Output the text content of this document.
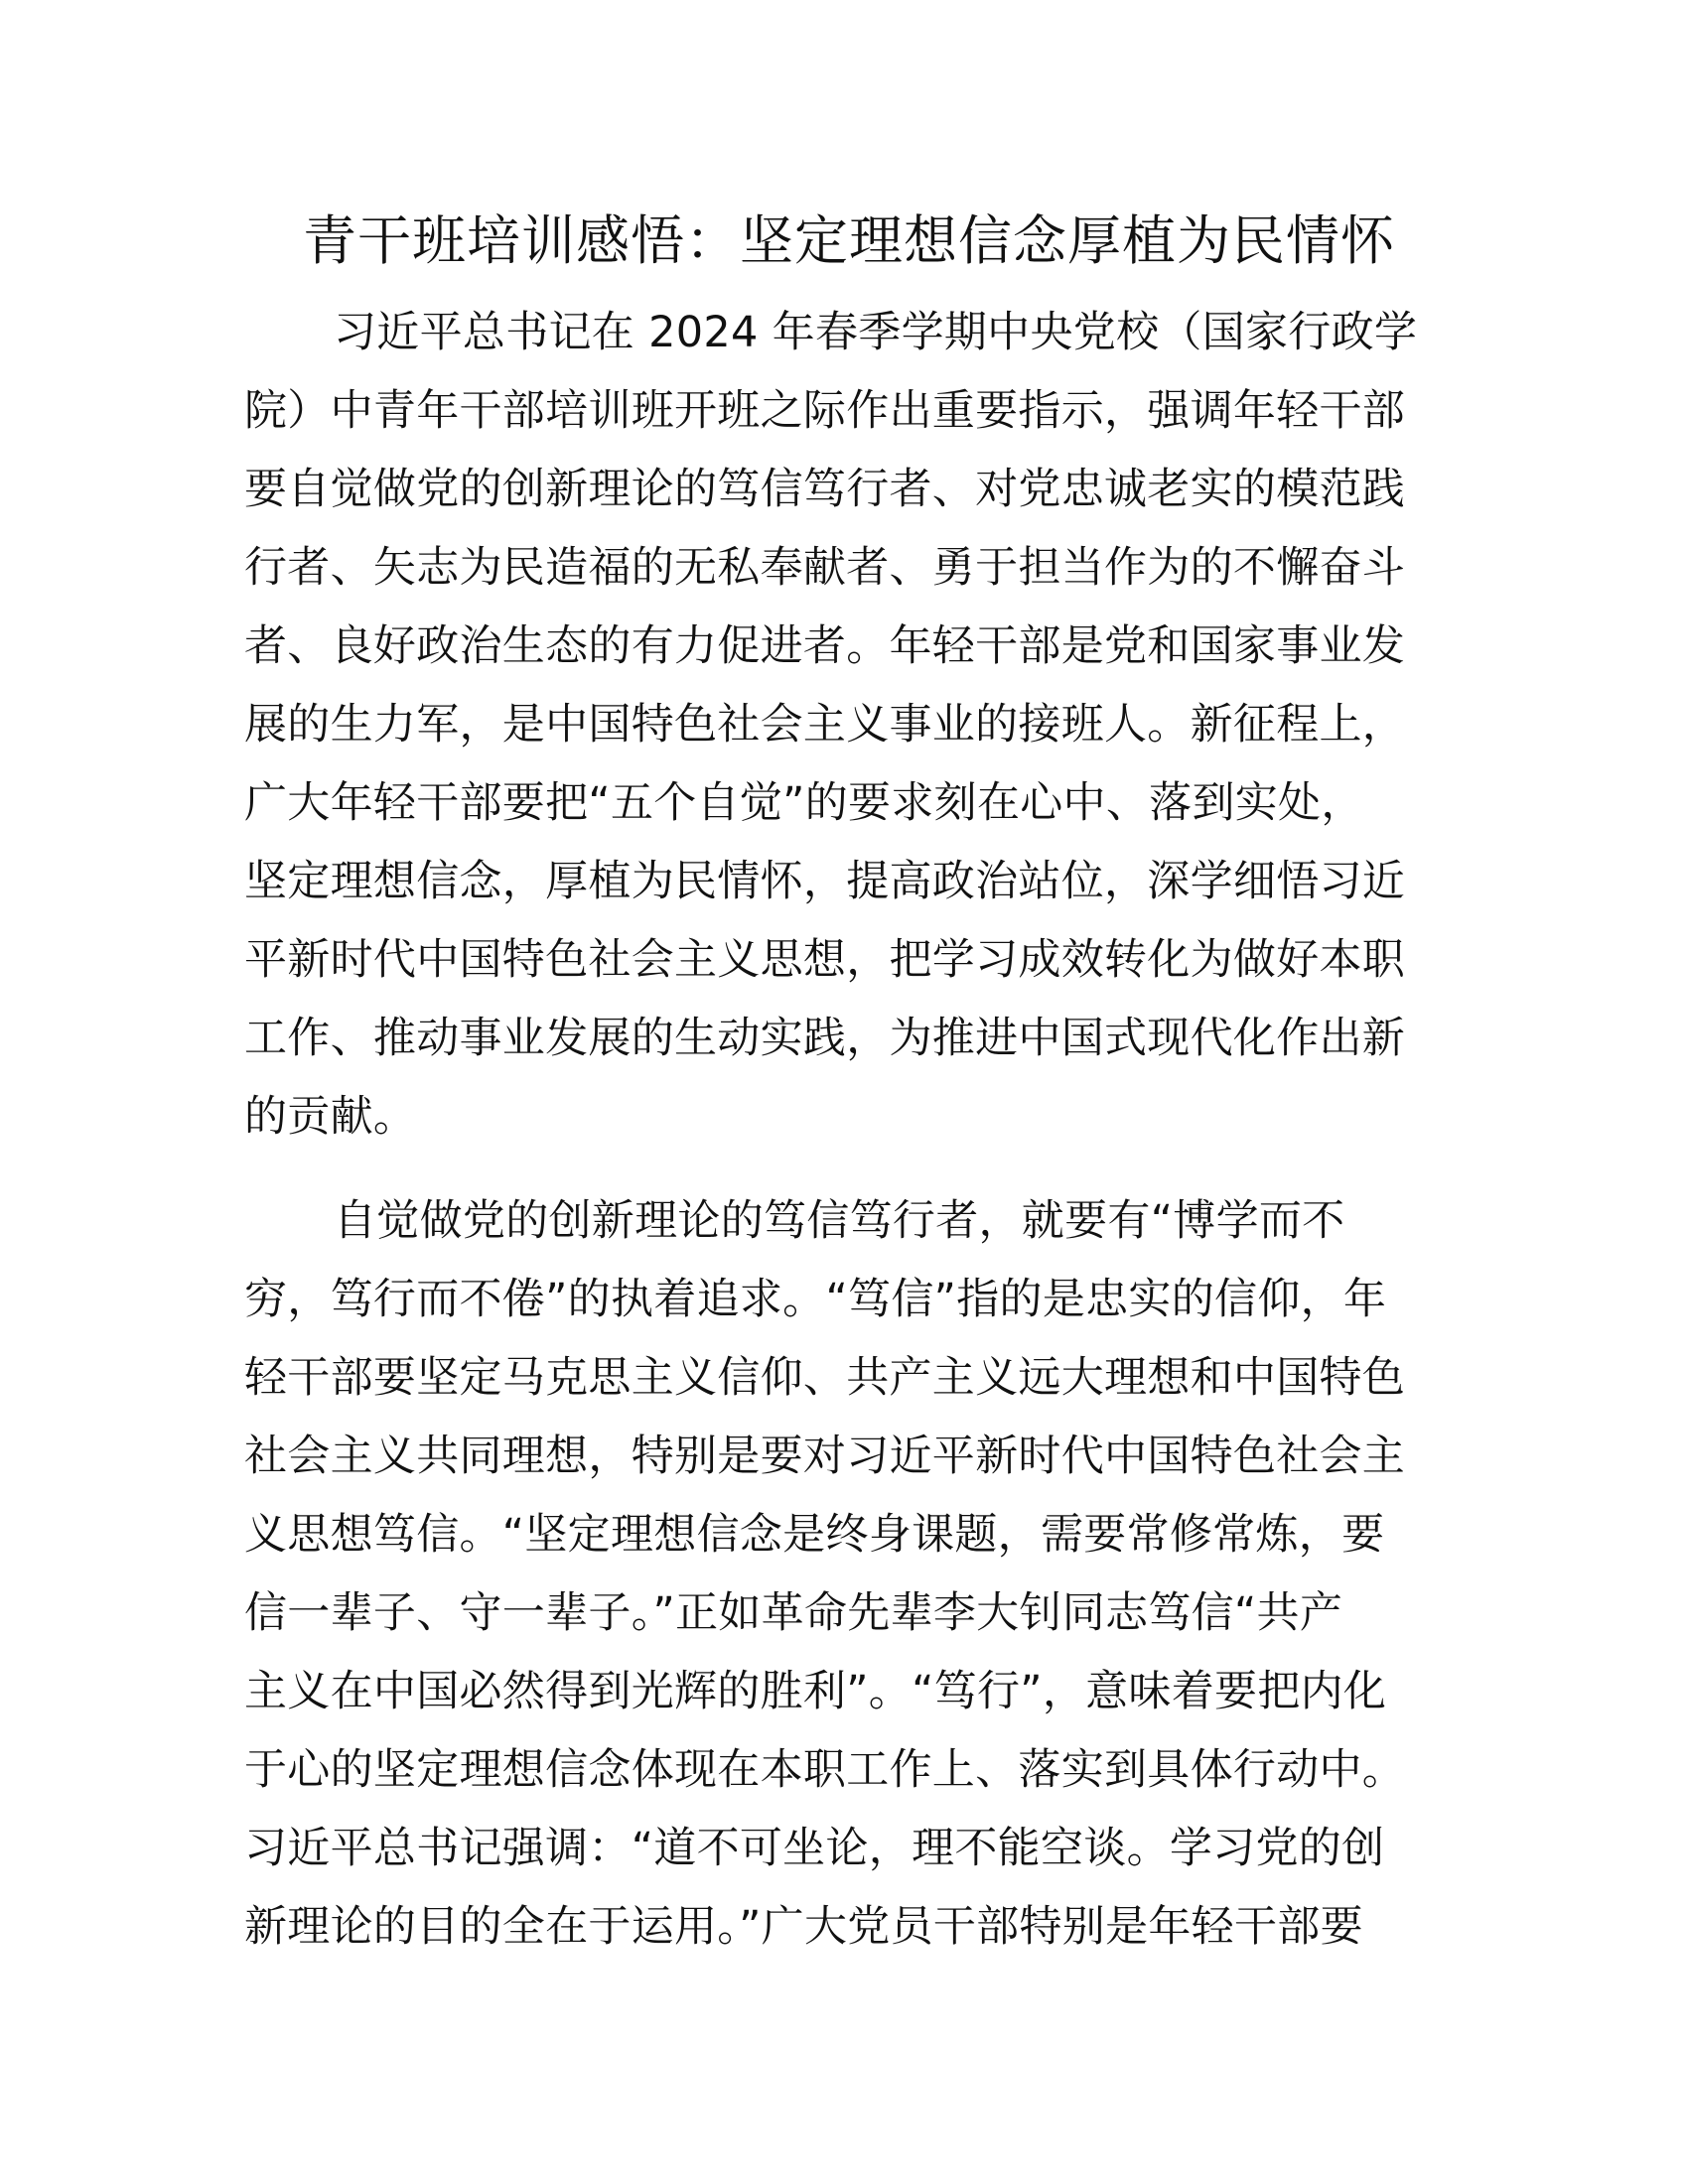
青干班培训感悟：坚定理想信念厚植为民情怀

习近平总书记在 2024 年春季学期中央党校（国家行政学
院）中青年干部培训班开班之际作出重要指示，强调年轻干部
要自觉做党的创新理论的笃信笃行者、对党忠诚老实的模范践
行者、矢志为民造福的无私奉献者、勇于担当作为的不懈奋斗
者、良好政治生态的有力促进者。年轻干部是党和国家事业发
展的生力军，是中国特色社会主义事业的接班人。新征程上，
广大年轻干部要把“五个自觉”的要求刻在心中、落到实处，
坚定理想信念，厚植为民情怀，提高政治站位，深学细悟习近
平新时代中国特色社会主义思想，把学习成效转化为做好本职
工作、推动事业发展的生动实践，为推进中国式现代化作出新
的贡献。

自觉做党的创新理论的笃信笃行者，就要有“博学而不
穷，笃行而不倦”的执着追求。“笃信”指的是忠实的信仰，年
轻干部要坚定马克思主义信仰、共产主义远大理想和中国特色
社会主义共同理想，特别是要对习近平新时代中国特色社会主
义思想笃信。“坚定理想信念是终身课题，需要常修常炼，要
信一辈子、守一辈子。”正如革命先辈李大钊同志笃信“共产
主义在中国必然得到光辉的胜利”。“笃行”，意味着要把内化
于心的坚定理想信念体现在本职工作上、落实到具体行动中。
习近平总书记强调：“道不可坐论，理不能空谈。学习党的创
新理论的目的全在于运用。”广大党员干部特别是年轻干部要
